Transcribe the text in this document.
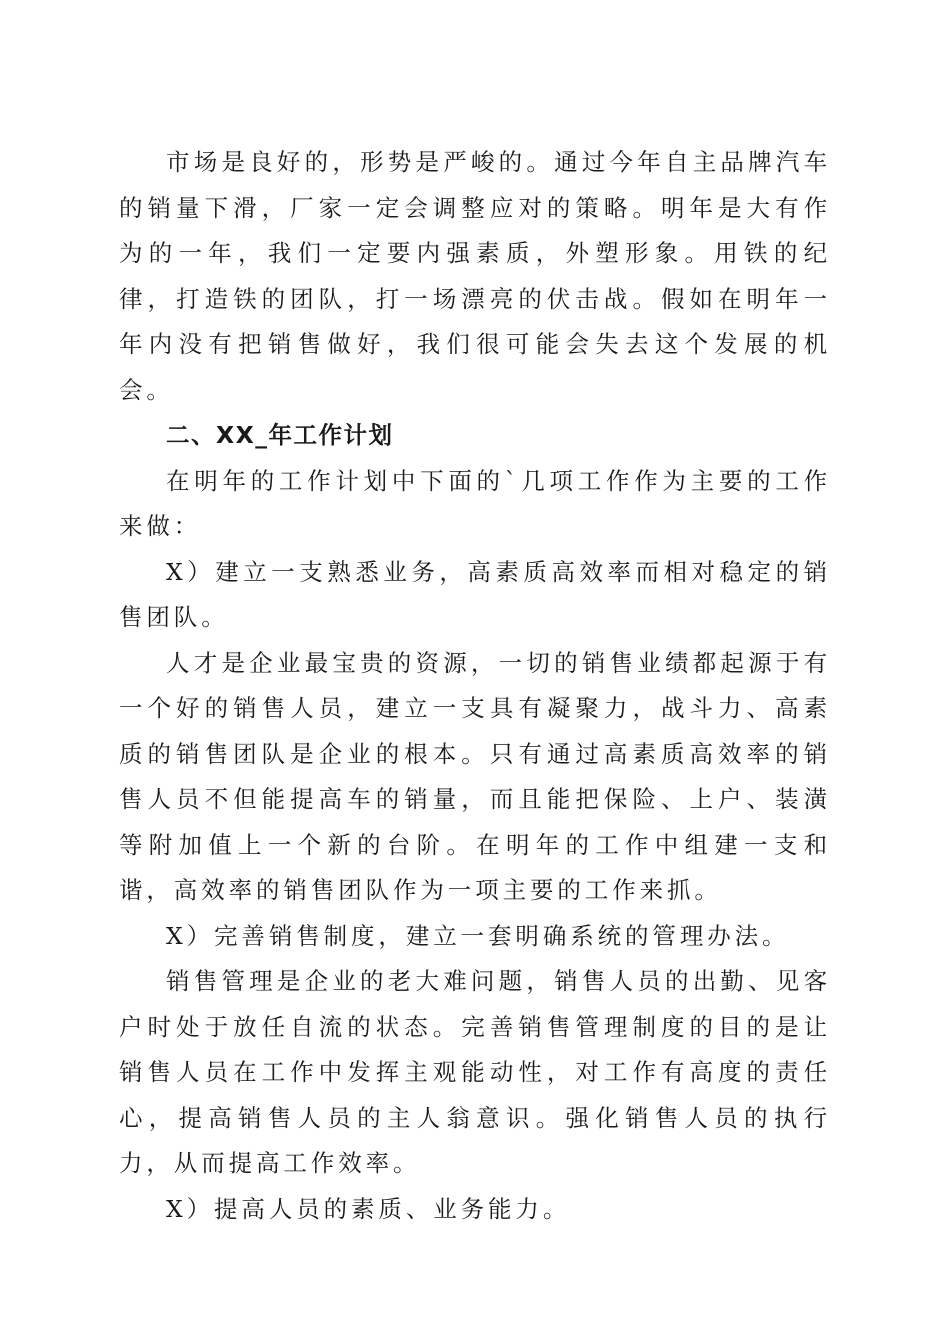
市场是良好的，形势是严峻的。通过今年自主品牌汽车的销量下滑，厂家一定会调整应对的策略。明年是大有作为的一年，我们一定要内强素质，外塑形象。用铁的纪律，打造铁的团队，打一场漂亮的伏击战。假如在明年一年内没有把销售做好，我们很可能会失去这个发展的机会。

二、XX_年工作计划

在明年的工作计划中下面的`几项工作作为主要的工作来做：

X）建立一支熟悉业务，高素质高效率而相对稳定的销售团队。

人才是企业最宝贵的资源，一切的销售业绩都起源于有一个好的销售人员，建立一支具有凝聚力，战斗力、高素质的销售团队是企业的根本。只有通过高素质高效率的销售人员不但能提高车的销量，而且能把保险、上户、装潢等附加值上一个新的台阶。在明年的工作中组建一支和谐，高效率的销售团队作为一项主要的工作来抓。

X）完善销售制度，建立一套明确系统的管理办法。

销售管理是企业的老大难问题，销售人员的出勤、见客户时处于放任自流的状态。完善销售管理制度的目的是让销售人员在工作中发挥主观能动性，对工作有高度的责任心，提高销售人员的主人翁意识。强化销售人员的执行力，从而提高工作效率。

X）提高人员的素质、业务能力。
